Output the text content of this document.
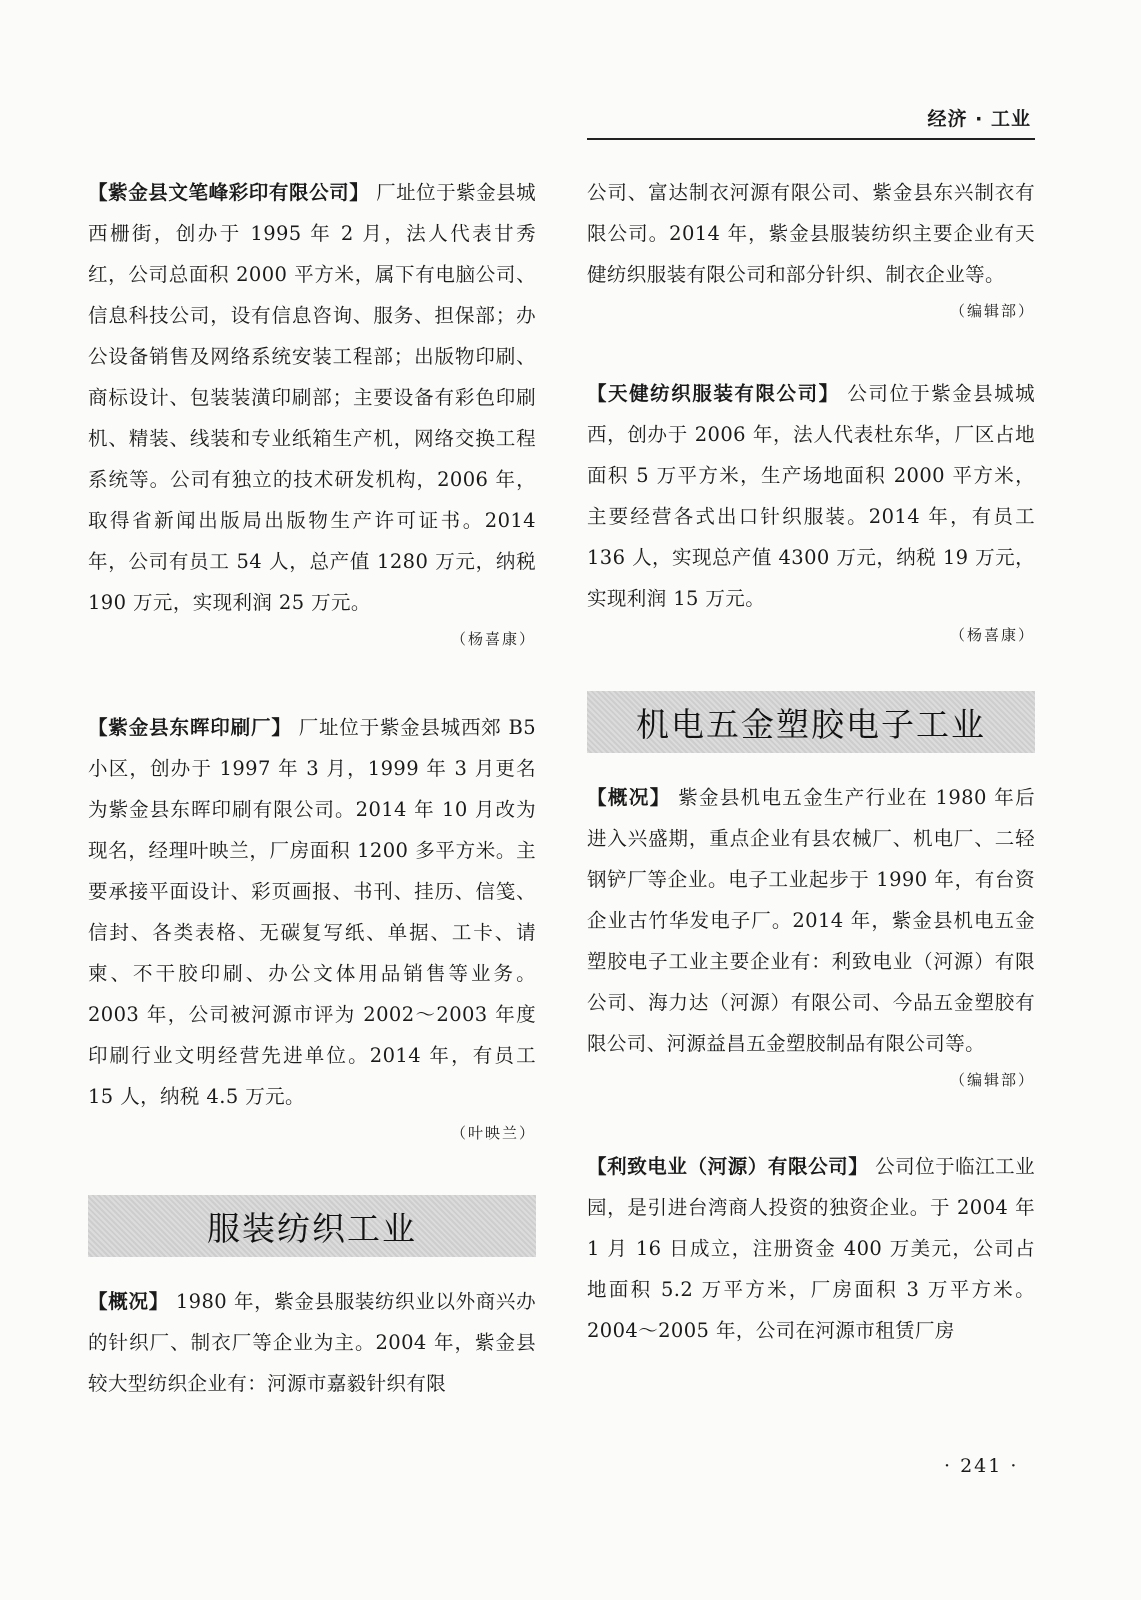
经济 · 工业

【紫金县文笔峰彩印有限公司】 厂址位于紫金县城西栅街，创办于 1995 年 2 月，法人代表甘秀红，公司总面积 2000 平方米，属下有电脑公司、信息科技公司，设有信息咨询、服务、担保部；办公设备销售及网络系统安装工程部；出版物印刷、商标设计、包装装潢印刷部；主要设备有彩色印刷机、精装、线装和专业纸箱生产机，网络交换工程系统等。公司有独立的技术研发机构，2006 年，取得省新闻出版局出版物生产许可证书。2014 年，公司有员工 54 人，总产值 1280 万元，纳税 190 万元，实现利润 25 万元。

（杨喜康）

【紫金县东晖印刷厂】 厂址位于紫金县城西郊 B5 小区，创办于 1997 年 3 月，1999 年 3 月更名为紫金县东晖印刷有限公司。2014 年 10 月改为现名，经理叶映兰，厂房面积 1200 多平方米。主要承接平面设计、彩页画报、书刊、挂历、信笺、信封、各类表格、无碳复写纸、单据、工卡、请柬、不干胶印刷、办公文体用品销售等业务。2003 年，公司被河源市评为 2002～2003 年度印刷行业文明经营先进单位。2014 年，有员工 15 人，纳税 4.5 万元。

（叶映兰）

服装纺织工业

【概况】 1980 年，紫金县服装纺织业以外商兴办的针织厂、制衣厂等企业为主。2004 年，紫金县较大型纺织企业有：河源市嘉毅针织有限

公司、富达制衣河源有限公司、紫金县东兴制衣有限公司。2014 年，紫金县服装纺织主要企业有天健纺织服装有限公司和部分针织、制衣企业等。

（编辑部）

【天健纺织服装有限公司】 公司位于紫金县城城西，创办于 2006 年，法人代表杜东华，厂区占地面积 5 万平方米，生产场地面积 2000 平方米，主要经营各式出口针织服装。2014 年，有员工 136 人，实现总产值 4300 万元，纳税 19 万元，实现利润 15 万元。

（杨喜康）

机电五金塑胶电子工业

【概况】 紫金县机电五金生产行业在 1980 年后进入兴盛期，重点企业有县农械厂、机电厂、二轻钢铲厂等企业。电子工业起步于 1990 年，有台资企业古竹华发电子厂。2014 年，紫金县机电五金塑胶电子工业主要企业有：利致电业（河源）有限公司、海力达（河源）有限公司、今品五金塑胶有限公司、河源益昌五金塑胶制品有限公司等。

（编辑部）

【利致电业（河源）有限公司】 公司位于临江工业园，是引进台湾商人投资的独资企业。于 2004 年 1 月 16 日成立，注册资金 400 万美元，公司占地面积 5.2 万平方米，厂房面积 3 万平方米。2004～2005 年，公司在河源市租赁厂房

· 241 ·
